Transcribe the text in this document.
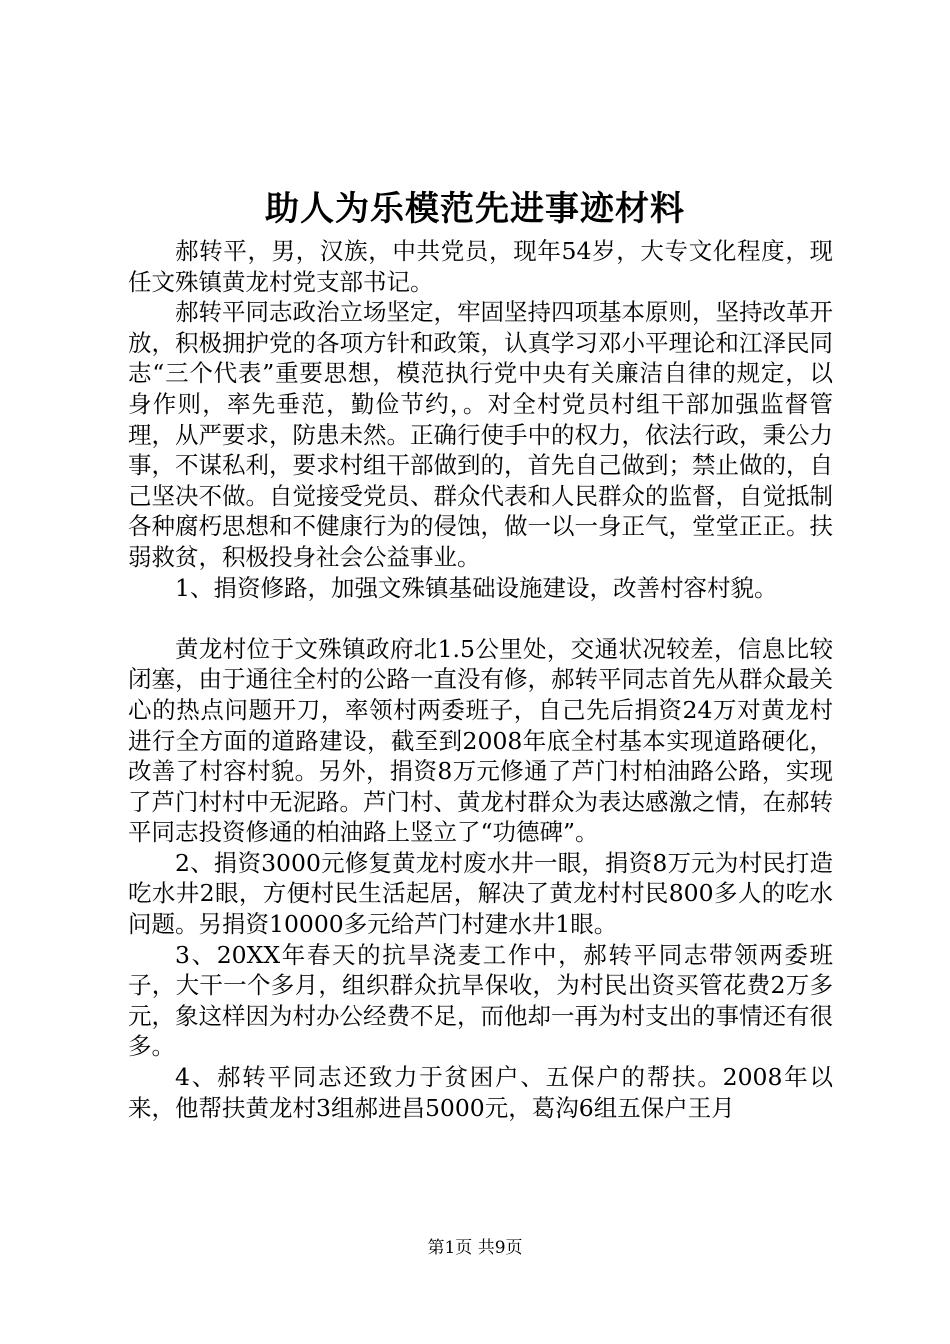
助人为乐模范先进事迹材料

郝转平，男，汉族，中共党员，现年54岁，大专文化程度，现任文殊镇黄龙村党支部书记。

郝转平同志政治立场坚定，牢固坚持四项基本原则，坚持改革开放，积极拥护党的各项方针和政策，认真学习邓小平理论和江泽民同志“三个代表”重要思想，模范执行党中央有关廉洁自律的规定，以身作则，率先垂范，勤俭节约，。对全村党员村组干部加强监督管理，从严要求，防患未然。正确行使手中的权力，依法行政，秉公力事，不谋私利，要求村组干部做到的，首先自己做到；禁止做的，自己坚决不做。自觉接受党员、群众代表和人民群众的监督，自觉抵制各种腐朽思想和不健康行为的侵蚀，做一以一身正气，堂堂正正。扶弱救贫，积极投身社会公益事业。

1、捐资修路，加强文殊镇基础设施建设，改善村容村貌。

黄龙村位于文殊镇政府北1.5公里处，交通状况较差，信息比较闭塞，由于通往全村的公路一直没有修，郝转平同志首先从群众最关心的热点问题开刀，率领村两委班子，自己先后捐资24万对黄龙村进行全方面的道路建设，截至到2008年底全村基本实现道路硬化，改善了村容村貌。另外，捐资8万元修通了芦门村柏油路公路，实现了芦门村村中无泥路。芦门村、黄龙村群众为表达感激之情，在郝转平同志投资修通的柏油路上竖立了“功德碑”。

2、捐资3000元修复黄龙村废水井一眼，捐资8万元为村民打造吃水井2眼，方便村民生活起居，解决了黄龙村村民800多人的吃水问题。另捐资10000多元给芦门村建水井1眼。

3、20XX年春天的抗旱浇麦工作中，郝转平同志带领两委班子，大干一个多月，组织群众抗旱保收，为村民出资买管花费2万多元，象这样因为村办公经费不足，而他却一再为村支出的事情还有很多。

4、郝转平同志还致力于贫困户、五保户的帮扶。2008年以来，他帮扶黄龙村3组郝进昌5000元，葛沟6组五保户王月

第1页 共9页
